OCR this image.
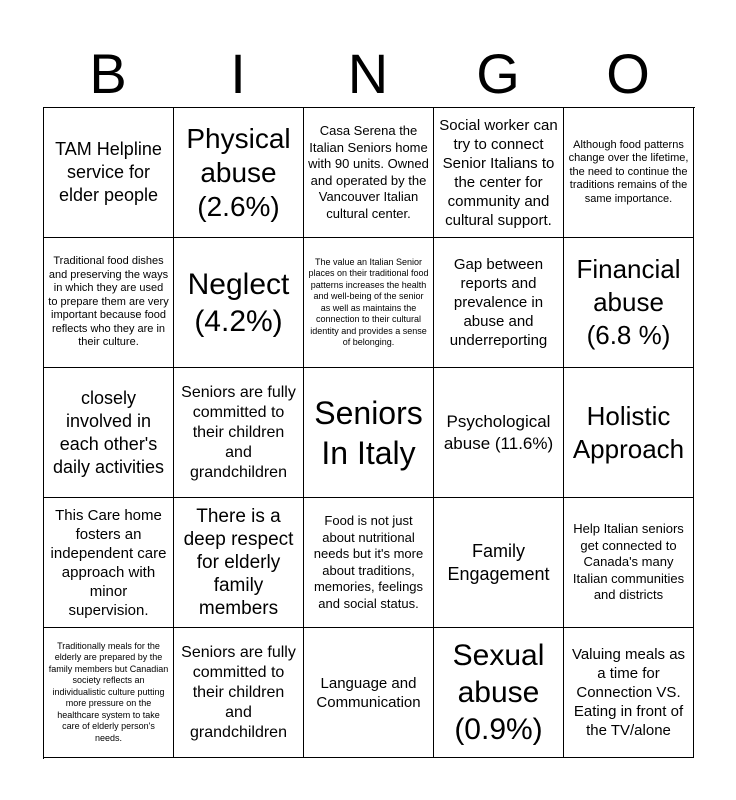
B	I	N	G	O
TAM Helpline service for elder people
Physical abuse (2.6%)
Casa Serena the Italian Seniors home with 90 units. Owned and operated by the Vancouver Italian cultural center.
Social worker can try to connect Senior Italians to the center for community and cultural support.
Although food patterns change over the lifetime, the need to continue the traditions remains of the same importance.
Traditional food dishes and preserving the ways in which they are used to prepare them are very important because food reflects who they are in their culture.
Neglect (4.2%)
The value an Italian Senior places on their traditional food patterns increases the health and well-being of the senior as well as maintains the connection to their cultural identity and provides a sense of belonging.
Gap between reports and prevalence in abuse and underreporting
Financial abuse (6.8 %)
closely involved in each other's daily activities
Seniors are fully committed to their children and grandchildren
Seniors In Italy
Psychological abuse (11.6%)
Holistic Approach
This Care home fosters an independent care approach with minor supervision.
There is a deep respect for elderly family members
Food is not just about nutritional needs but it's more about traditions, memories, feelings and social status.
Family Engagement
Help Italian seniors get connected to Canada's many Italian communities and districts
Traditionally meals for the elderly are prepared by the family members but Canadian society reflects an individualistic culture putting more pressure on the healthcare system to take care of elderly person's needs.
Seniors are fully committed to their children and grandchildren
Language and Communication
Sexual abuse (0.9%)
Valuing meals as a time for Connection VS. Eating in front of the TV/alone
